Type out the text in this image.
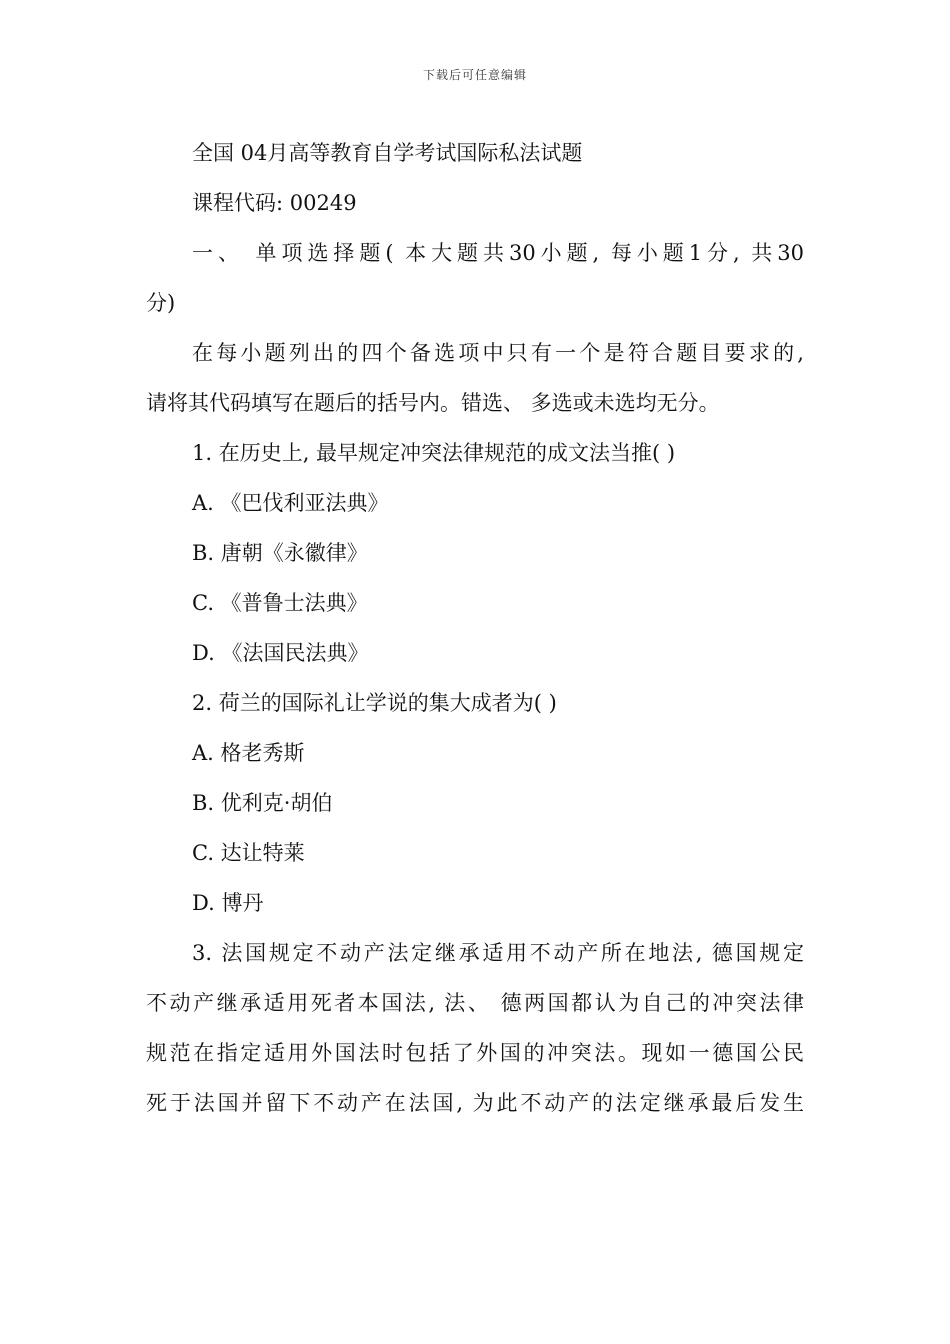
下载后可任意编辑
全国 04月高等教育自学考试国际私法试题
课程代码: 00249
一、 单项选择题( 本大题共30小题, 每小题1分, 共30
分)
在每小题列出的四个备选项中只有一个是符合题目要求的,
请将其代码填写在题后的括号内。错选、 多选或未选均无分。
1. 在历史上, 最早规定冲突法律规范的成文法当推( )
A. 《巴伐利亚法典》
B. 唐朝《永徽律》
C. 《普鲁士法典》
D. 《法国民法典》
2. 荷兰的国际礼让学说的集大成者为( )
A. 格老秀斯
B. 优利克·胡伯
C. 达让特莱
D. 博丹
3. 法国规定不动产法定继承适用不动产所在地法, 德国规定
不动产继承适用死者本国法, 法、 德两国都认为自己的冲突法律
规范在指定适用外国法时包括了外国的冲突法。现如一德国公民
死于法国并留下不动产在法国, 为此不动产的法定继承最后发生
